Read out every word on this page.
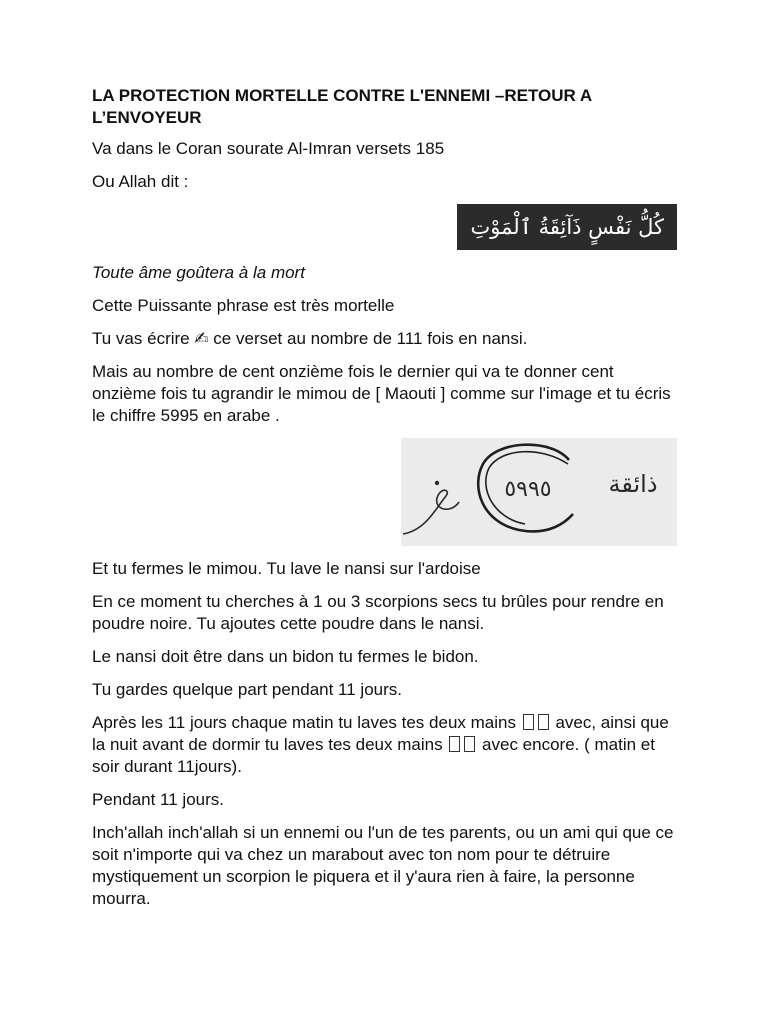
LA PROTECTION MORTELLE CONTRE L'ENNEMI –RETOUR A L’ENVOYEUR

Va dans le Coran sourate Al-Imran versets 185

Ou Allah dit :

كُلُّ نَفْسٍ ذَآئِقَةُ ٱلْمَوْتِ

Toute âme goûtera à la mort

Cette Puissante phrase est très mortelle

Tu vas écrire ✍ ce verset au nombre de 111 fois en nansi.

Mais au nombre de cent onzième fois le dernier qui va te donner cent onzième fois tu agrandir le mimou de [ Maouti ] comme sur l'image et tu écris le chiffre 5995 en arabe .

٥٩٩٥ ذائقة

Et tu fermes le mimou. Tu lave le nansi sur l'ardoise

En ce moment tu cherches à 1 ou 3 scorpions secs tu brûles pour rendre en poudre noire. Tu ajoutes cette poudre dans le nansi.

Le nansi doit être dans un bidon tu fermes le bidon.

Tu gardes quelque part pendant 11 jours.

Après les 11 jours chaque matin tu laves tes deux mains avec, ainsi que la nuit avant de dormir tu laves tes deux mains avec encore. ( matin et soir durant 11jours).

Pendant 11 jours.

Inch'allah inch'allah si un ennemi ou l'un de tes parents, ou un ami qui que ce soit n'importe qui va chez un marabout avec ton nom pour te détruire mystiquement un scorpion le piquera et il y'aura rien à faire, la personne mourra.
